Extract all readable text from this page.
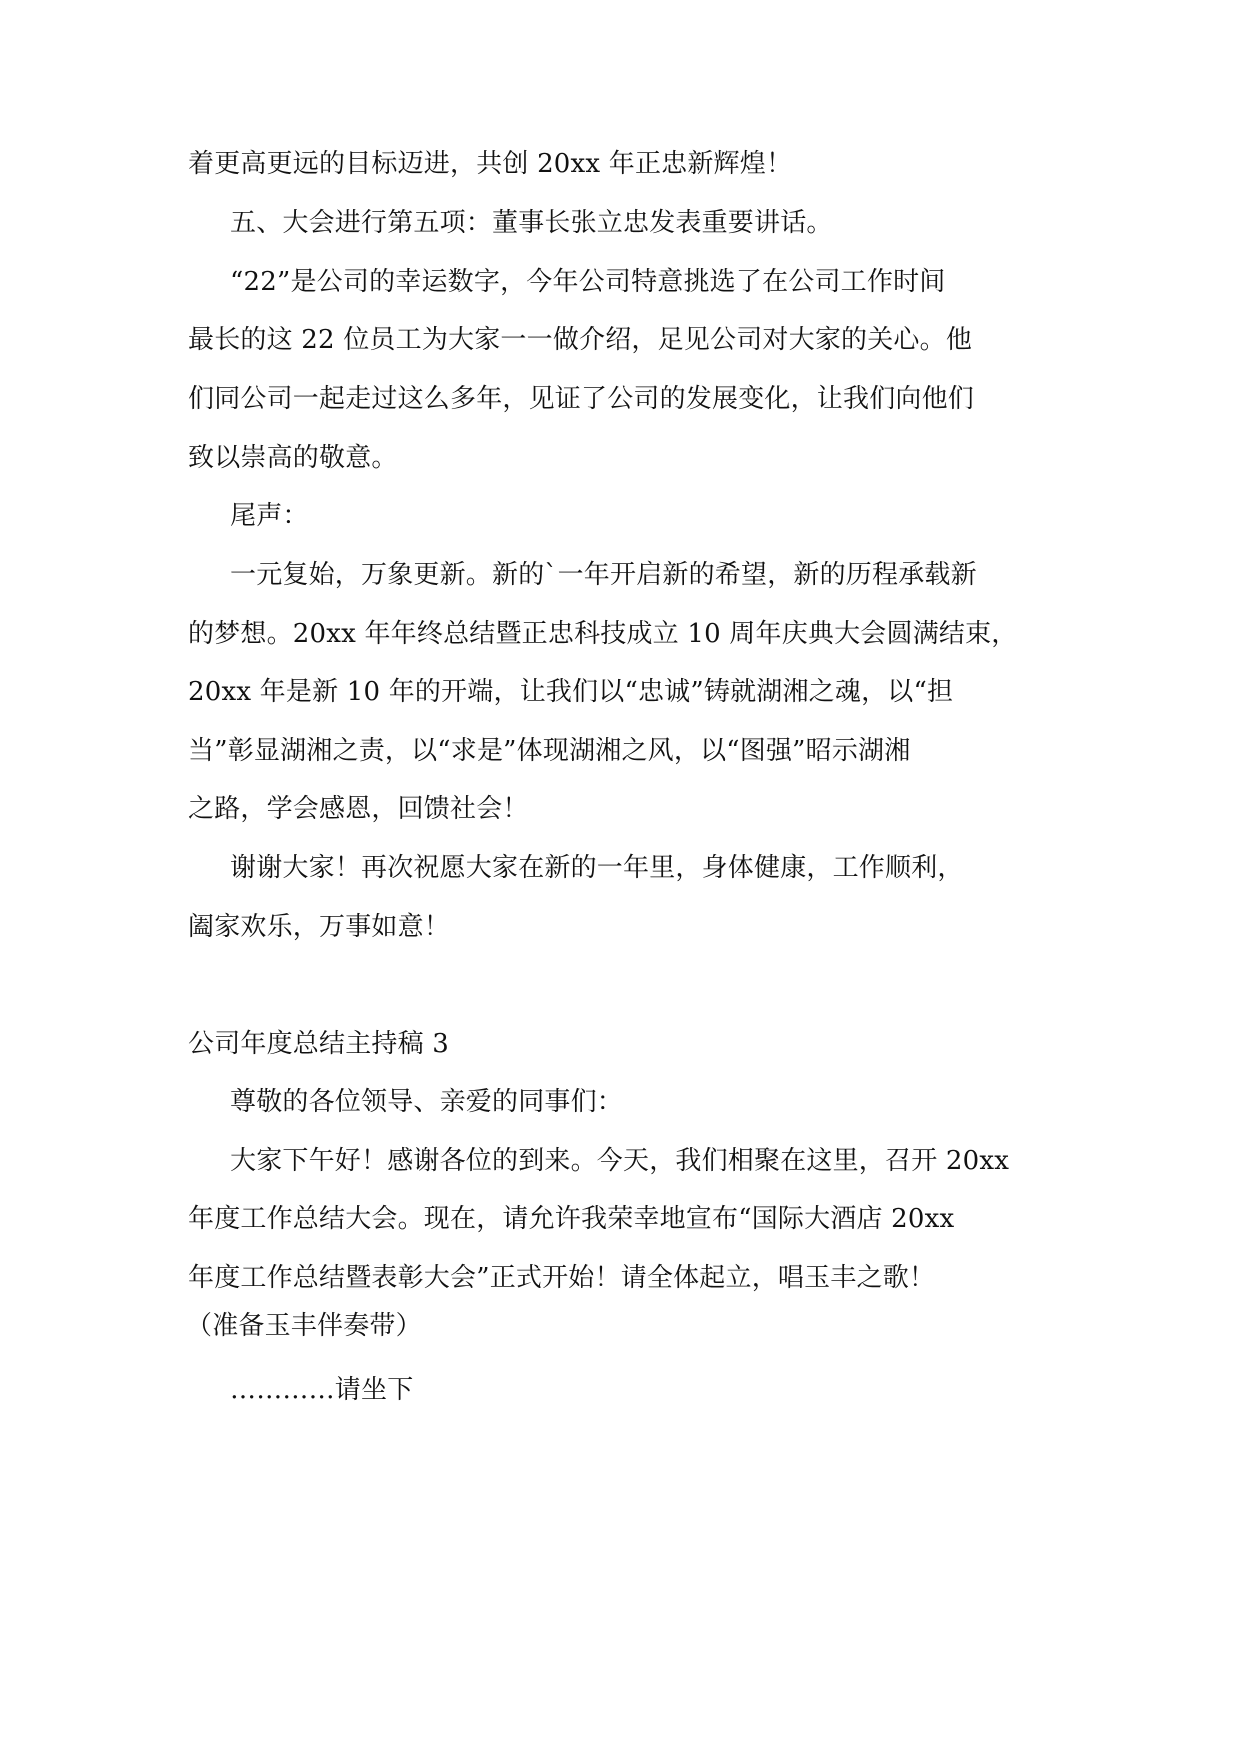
着更高更远的目标迈进，共创 20xx 年正忠新辉煌！
五、大会进行第五项：董事长张立忠发表重要讲话。
“22”是公司的幸运数字，今年公司特意挑选了在公司工作时间
最长的这 22 位员工为大家一一做介绍，足见公司对大家的关心。他
们同公司一起走过这么多年，见证了公司的发展变化，让我们向他们
致以崇高的敬意。
尾声：
一元复始，万象更新。新的`一年开启新的希望，新的历程承载新
的梦想。20xx 年年终总结暨正忠科技成立 10 周年庆典大会圆满结束，
20xx 年是新 10 年的开端，让我们以“忠诚”铸就湖湘之魂，以“担
当”彰显湖湘之责，以“求是”体现湖湘之风，以“图强”昭示湖湘
之路，学会感恩，回馈社会！
谢谢大家！再次祝愿大家在新的一年里，身体健康，工作顺利，
阖家欢乐，万事如意！
公司年度总结主持稿 3
尊敬的各位领导、亲爱的同事们：
大家下午好！感谢各位的到来。今天，我们相聚在这里，召开 20xx
年度工作总结大会。现在，请允许我荣幸地宣布“国际大酒店 20xx
年度工作总结暨表彰大会”正式开始！请全体起立，唱玉丰之歌！
（准备玉丰伴奏带）
…………请坐下
